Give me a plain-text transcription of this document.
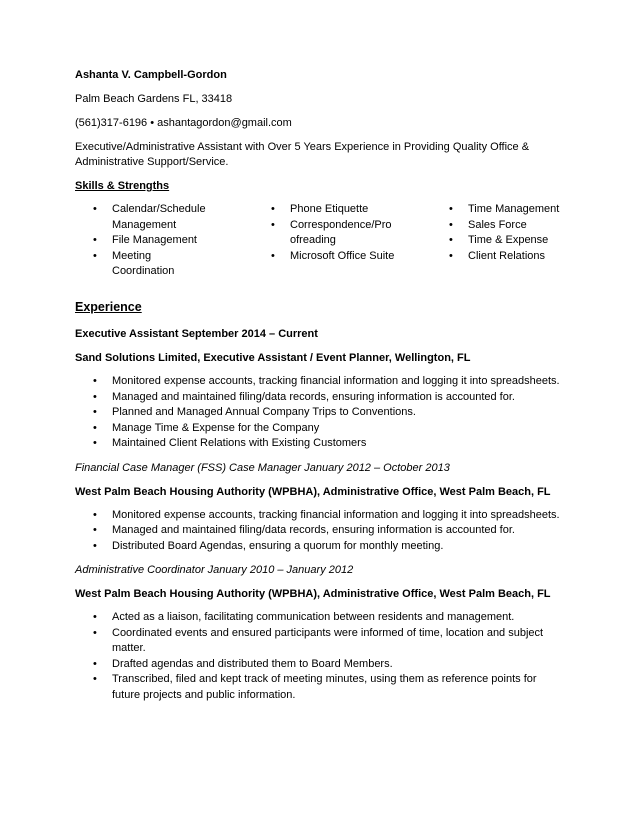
Ashanta V. Campbell-Gordon

Palm Beach Gardens FL, 33418

(561)317-6196 • ashantagordon@gmail.com

Executive/Administrative Assistant with Over 5 Years Experience in Providing Quality Office & Administrative Support/Service.

Skills & Strengths

• Calendar/Schedule Management
• File Management
• Meeting Coordination
• Phone Etiquette
• Correspondence/Pro ofreading
• Microsoft Office Suite
• Time Management
• Sales Force
• Time & Expense
• Client Relations

Experience

Executive Assistant September 2014 – Current

Sand Solutions Limited, Executive Assistant / Event Planner, Wellington, FL

• Monitored expense accounts, tracking financial information and logging it into spreadsheets.
• Managed and maintained filing/data records, ensuring information is accounted for.
• Planned and Managed Annual Company Trips to Conventions.
• Manage Time & Expense for the Company
• Maintained Client Relations with Existing Customers

Financial Case Manager (FSS) Case Manager January 2012 – October 2013

West Palm Beach Housing Authority (WPBHA), Administrative Office, West Palm Beach, FL

• Monitored expense accounts, tracking financial information and logging it into spreadsheets.
• Managed and maintained filing/data records, ensuring information is accounted for.
• Distributed Board Agendas, ensuring a quorum for monthly meeting.

Administrative Coordinator January 2010 – January 2012

West Palm Beach Housing Authority (WPBHA), Administrative Office, West Palm Beach, FL

• Acted as a liaison, facilitating communication between residents and management.
• Coordinated events and ensured participants were informed of time, location and subject matter.
• Drafted agendas and distributed them to Board Members.
• Transcribed, filed and kept track of meeting minutes, using them as reference points for future projects and public information.
